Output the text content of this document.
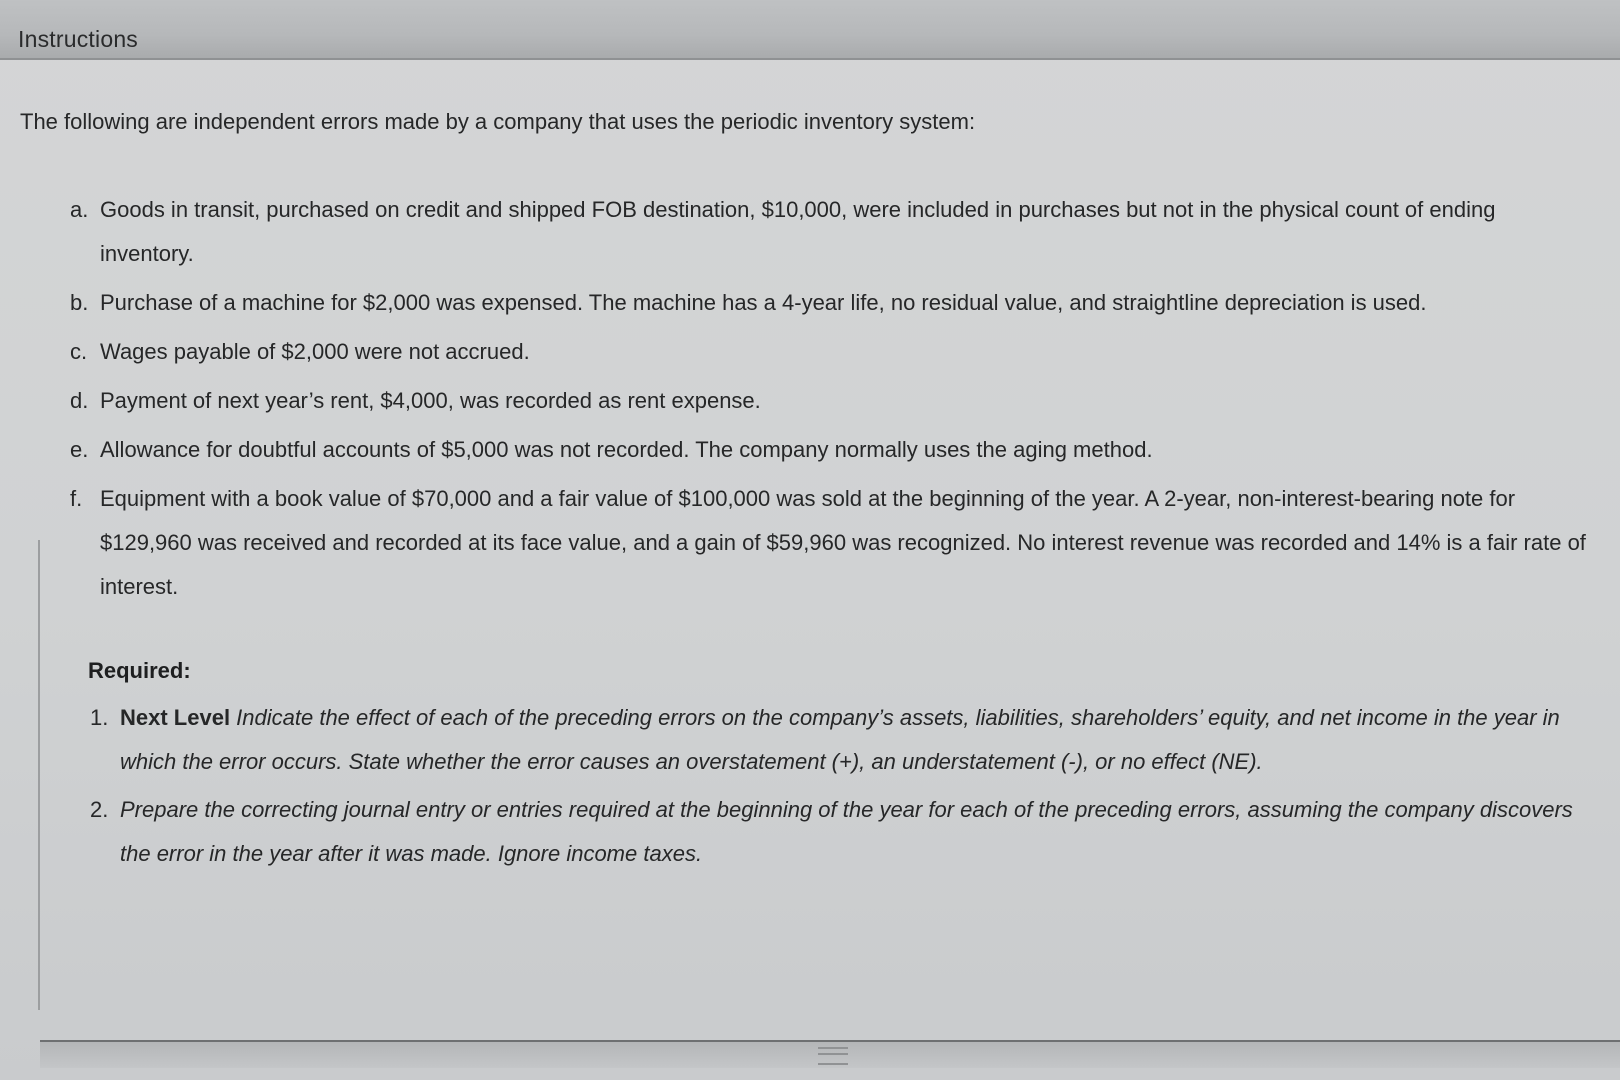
Instructions
The following are independent errors made by a company that uses the periodic inventory system:
a. Goods in transit, purchased on credit and shipped FOB destination, $10,000, were included in purchases but not in the physical count of ending inventory.
b. Purchase of a machine for $2,000 was expensed. The machine has a 4-year life, no residual value, and straightline depreciation is used.
c. Wages payable of $2,000 were not accrued.
d. Payment of next year’s rent, $4,000, was recorded as rent expense.
e. Allowance for doubtful accounts of $5,000 was not recorded. The company normally uses the aging method.
f. Equipment with a book value of $70,000 and a fair value of $100,000 was sold at the beginning of the year. A 2-year, non-interest-bearing note for $129,960 was received and recorded at its face value, and a gain of $59,960 was recognized. No interest revenue was recorded and 14% is a fair rate of interest.
Required:
1. Next Level Indicate the effect of each of the preceding errors on the company’s assets, liabilities, shareholders’ equity, and net income in the year in which the error occurs. State whether the error causes an overstatement (+), an understatement (-), or no effect (NE).
2. Prepare the correcting journal entry or entries required at the beginning of the year for each of the preceding errors, assuming the company discovers the error in the year after it was made. Ignore income taxes.
